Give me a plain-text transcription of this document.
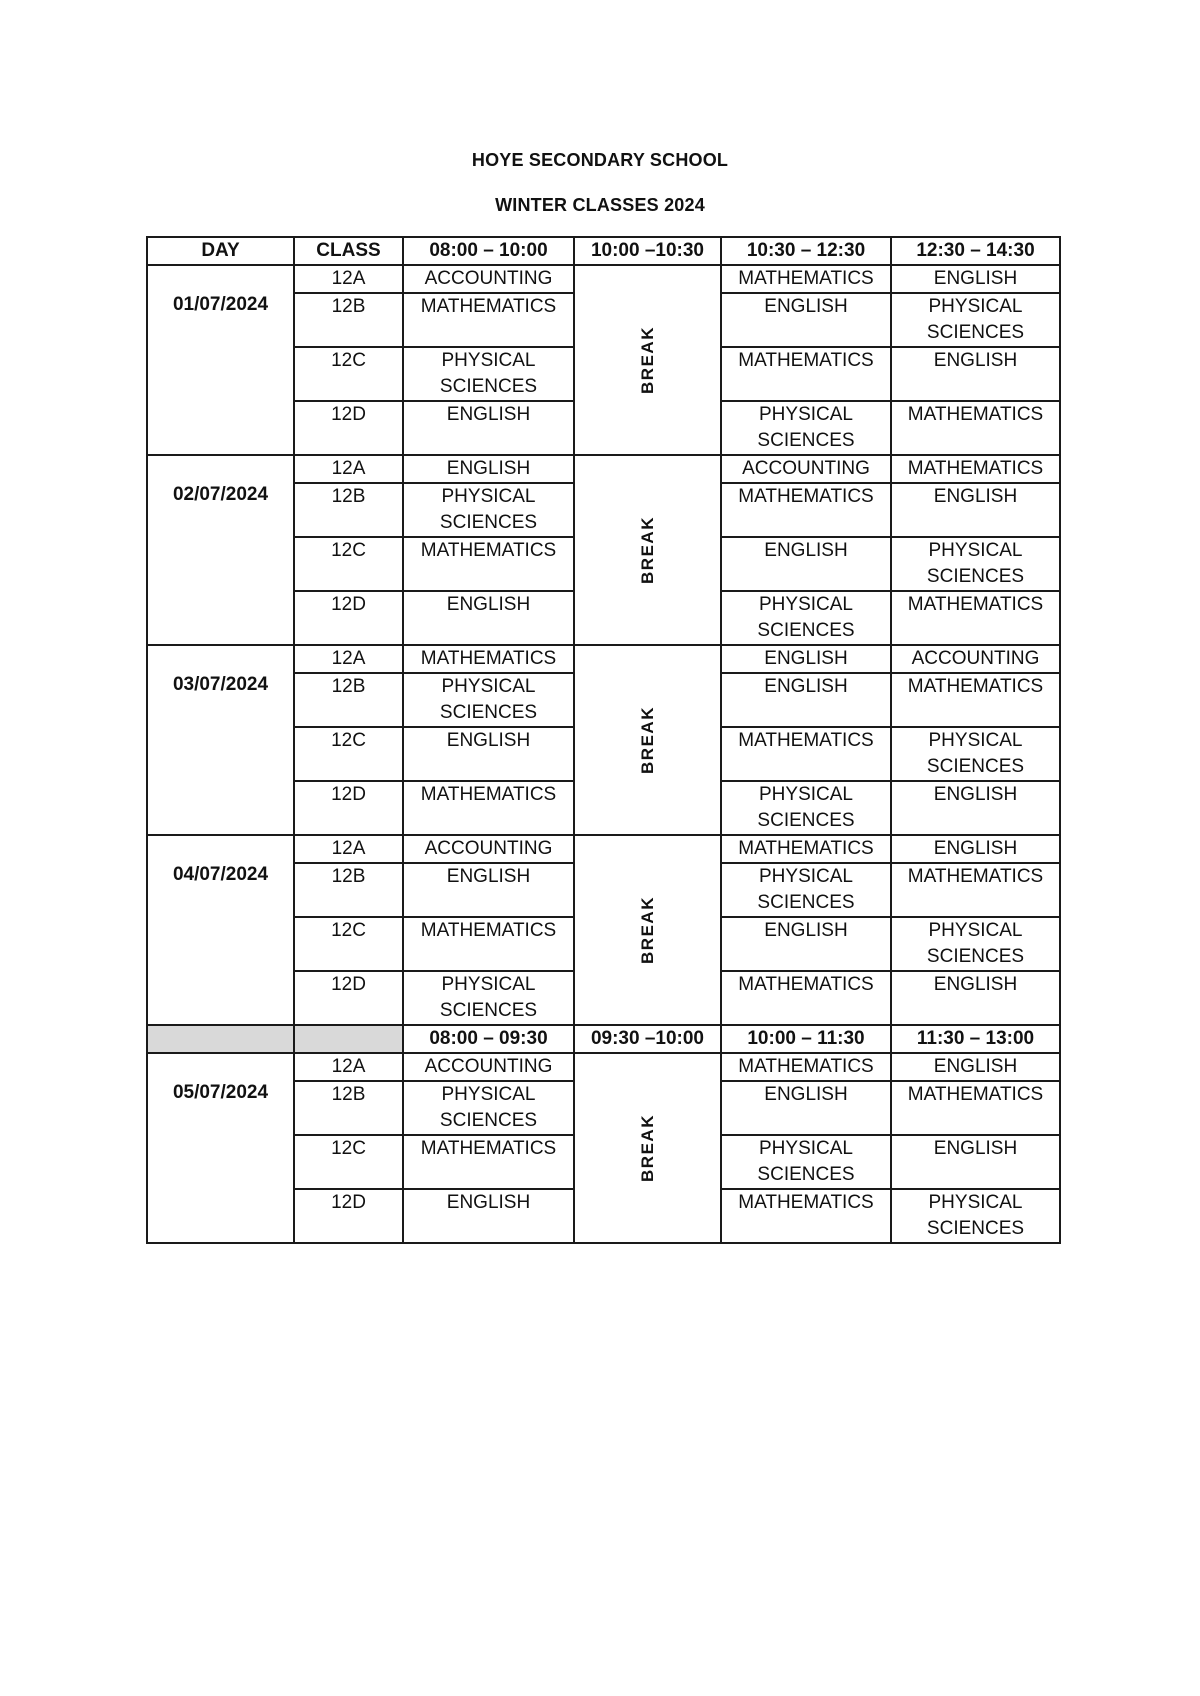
HOYE SECONDARY SCHOOL
WINTER CLASSES 2024
DAY	CLASS	08:00 – 10:00	10:00 –10:30	10:30 – 12:30	12:30 – 14:30
01/07/2024	12A	ACCOUNTING	BREAK	MATHEMATICS	ENGLISH
	12B	MATHEMATICS		ENGLISH	PHYSICAL SCIENCES
	12C	PHYSICAL SCIENCES		MATHEMATICS	ENGLISH
	12D	ENGLISH		PHYSICAL SCIENCES	MATHEMATICS
02/07/2024	12A	ENGLISH	BREAK	ACCOUNTING	MATHEMATICS
	12B	PHYSICAL SCIENCES		MATHEMATICS	ENGLISH
	12C	MATHEMATICS		ENGLISH	PHYSICAL SCIENCES
	12D	ENGLISH		PHYSICAL SCIENCES	MATHEMATICS
03/07/2024	12A	MATHEMATICS	BREAK	ENGLISH	ACCOUNTING
	12B	PHYSICAL SCIENCES		ENGLISH	MATHEMATICS
	12C	ENGLISH		MATHEMATICS	PHYSICAL SCIENCES
	12D	MATHEMATICS		PHYSICAL SCIENCES	ENGLISH
04/07/2024	12A	ACCOUNTING	BREAK	MATHEMATICS	ENGLISH
	12B	ENGLISH		PHYSICAL SCIENCES	MATHEMATICS
	12C	MATHEMATICS		ENGLISH	PHYSICAL SCIENCES
	12D	PHYSICAL SCIENCES		MATHEMATICS	ENGLISH
		08:00 – 09:30	09:30 –10:00	10:00 – 11:30	11:30 – 13:00
05/07/2024	12A	ACCOUNTING	BREAK	MATHEMATICS	ENGLISH
	12B	PHYSICAL SCIENCES		ENGLISH	MATHEMATICS
	12C	MATHEMATICS		PHYSICAL SCIENCES	ENGLISH
	12D	ENGLISH		MATHEMATICS	PHYSICAL SCIENCES
